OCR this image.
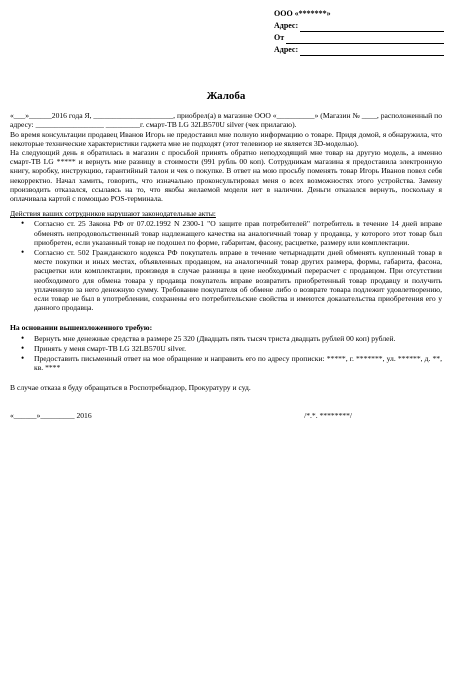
ООО «*******»
Адрес:
От
Адрес:
Жалоба

«___»______2016 года Я, _____________________, приобрел(а) в магазине ООО «__________» (Магазин № ____, расположенный по адресу: __________________ _________г. смарт-ТВ LG 32LB570U silver (чек прилагаю).

Во время консультации продавец Иванов Игорь не предоставил мне полную информацию о товаре. Придя домой, я обнаружила, что некоторые технические характеристики гаджета мне не подходят (этот телевизор не является 3D-моделью).

На следующий день я обратилась в магазин с просьбой принять обратно неподходящий мне товар на другую модель, а именно смарт-ТВ LG ***** и вернуть мне разницу в стоимости (991 рубль 00 коп). Сотрудникам магазина я предоставила электронную книгу, коробку, инструкцию, гарантийный талон и чек о покупке. В ответ на мою просьбу поменять товар Игорь Иванов повел себя некорректно. Начал хамить, говорить, что изначально проконсультировал меня о всех возможностях этого устройства. Замену производить отказался, ссылаясь на то, что якобы желаемой модели нет в наличии. Деньги отказался вернуть, поскольку я оплачивала картой с помощью POS-терминала.

Действия ваших сотрудников нарушают законодательные акты:

• Согласно ст. 25 Закона РФ от 07.02.1992 N 2300-1 "О защите прав потребителей" потребитель в течение 14 дней вправе обменять непродовольственный товар надлежащего качества на аналогичный товар у продавца, у которого этот товар был приобретен, если указанный товар не подошел по форме, габаритам, фасону, расцветке, размеру или комплектации.
• Согласно ст. 502 Гражданского кодекса РФ покупатель вправе в течение четырнадцати дней обменять купленный товар в месте покупки и иных местах, объявленных продавцом, на аналогичный товар других размера, формы, габарита, фасона, расцветки или комплектации, произведя в случае разницы в цене необходимый перерасчет с продавцом. При отсутствии необходимого для обмена товара у продавца покупатель вправе возвратить приобретенный товар продавцу и получить уплаченную за него денежную сумму. Требование покупателя об обмене либо о возврате товара подлежит удовлетворению, если товар не был в употреблении, сохранены его потребительские свойства и имеются доказательства приобретения его у данного продавца.

На основании вышеизложенного требую:

• Вернуть мне денежные средства в размере 25 320 (Двадцать пять тысяч триста двадцать рублей 00 коп) рублей.
• Принять у меня смарт-ТВ LG 32LB570U silver.
• Предоставить письменный ответ на мое обращение и направить его по адресу прописки: *****, г. *******, ул. ******, д. **, кв. ****

В случае отказа я буду обращаться в Роспотребнадзор, Прокуратуру и суд.

«______»_________ 2016	/*.*. ********/
